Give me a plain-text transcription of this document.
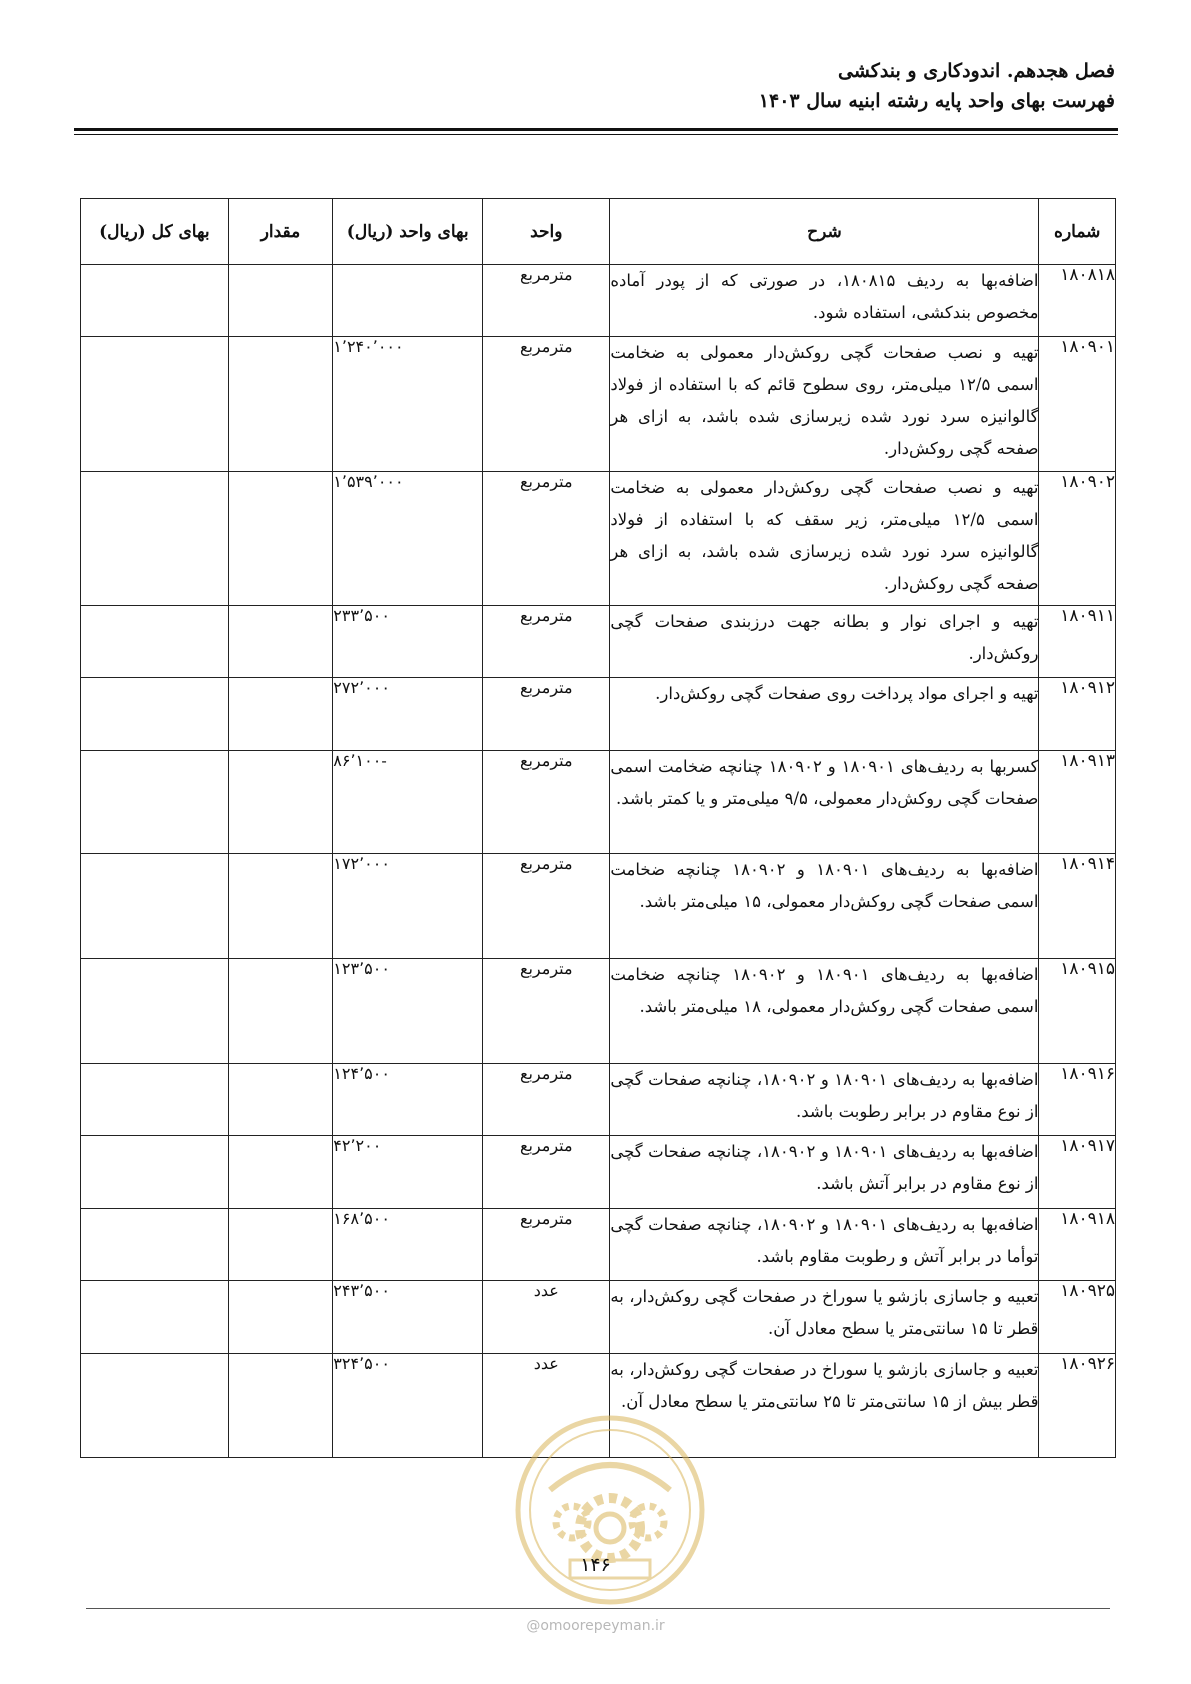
فصل هجدهم. اندودکاری و بندکشی
فهرست بهای واحد پایه رشته ابنیه سال ۱۴۰۳
شماره	شرح	واحد	بهای واحد (ریال)	مقدار	بهای کل (ریال)
۱۸۰۸۱۸	اضافه‌بها به ردیف ۱۸۰۸۱۵، در صورتی که از پودر آماده مخصوص بندکشی، استفاده شود.	مترمربع			
۱۸۰۹۰۱	تهیه و نصب صفحات گچی روکش‌دار معمولی به ضخامت اسمی ۱۲/۵ میلی‌متر، روی سطوح قائم که با استفاده از فولاد گالوانیزه سرد نورد شده زیرسازی شده باشد، به ازای هر صفحه گچی روکش‌دار.	مترمربع	۱٬۲۴۰٬۰۰۰		
۱۸۰۹۰۲	تهیه و نصب صفحات گچی روکش‌دار معمولی به ضخامت اسمی ۱۲/۵ میلی‌متر، زیر سقف که با استفاده از فولاد گالوانیزه سرد نورد شده زیرسازی شده باشد، به ازای هر صفحه گچی روکش‌دار.	مترمربع	۱٬۵۳۹٬۰۰۰		
۱۸۰۹۱۱	تهیه و اجرای نوار و بطانه جهت درزبندی صفحات گچی روکش‌دار.	مترمربع	۲۳۳٬۵۰۰		
۱۸۰۹۱۲	تهیه و اجرای مواد پرداخت روی صفحات گچی روکش‌دار.	مترمربع	۲۷۲٬۰۰۰		
۱۸۰۹۱۳	کسربها به ردیف‌های ۱۸۰۹۰۱ و ۱۸۰۹۰۲ چنانچه ضخامت اسمی صفحات گچی روکش‌دار معمولی، ۹/۵ میلی‌متر و یا کمتر باشد.	مترمربع	-۸۶٬۱۰۰		
۱۸۰۹۱۴	اضافه‌بها به ردیف‌های ۱۸۰۹۰۱ و ۱۸۰۹۰۲ چنانچه ضخامت اسمی صفحات گچی روکش‌دار معمولی، ۱۵ میلی‌متر باشد.	مترمربع	۱۷۲٬۰۰۰		
۱۸۰۹۱۵	اضافه‌بها به ردیف‌های ۱۸۰۹۰۱ و ۱۸۰۹۰۲ چنانچه ضخامت اسمی صفحات گچی روکش‌دار معمولی، ۱۸ میلی‌متر باشد.	مترمربع	۱۲۳٬۵۰۰		
۱۸۰۹۱۶	اضافه‌بها به ردیف‌های ۱۸۰۹۰۱ و ۱۸۰۹۰۲، چنانچه صفحات گچی از نوع مقاوم در برابر رطوبت باشد.	مترمربع	۱۲۴٬۵۰۰		
۱۸۰۹۱۷	اضافه‌بها به ردیف‌های ۱۸۰۹۰۱ و ۱۸۰۹۰۲، چنانچه صفحات گچی از نوع مقاوم در برابر آتش باشد.	مترمربع	۴۲٬۲۰۰		
۱۸۰۹۱۸	اضافه‌بها به ردیف‌های ۱۸۰۹۰۱ و ۱۸۰۹۰۲، چنانچه صفحات گچی توأما در برابر آتش و رطوبت مقاوم باشد.	مترمربع	۱۶۸٬۵۰۰		
۱۸۰۹۲۵	تعبیه و جاسازی بازشو یا سوراخ در صفحات گچی روکش‌دار، به قطر تا ۱۵ سانتی‌متر یا سطح معادل آن.	عدد	۲۴۳٬۵۰۰		
۱۸۰۹۲۶	تعبیه و جاسازی بازشو یا سوراخ در صفحات گچی روکش‌دار، به قطر بیش از ۱۵ سانتی‌متر تا ۲۵ سانتی‌متر یا سطح معادل آن.	عدد	۳۲۴٬۵۰۰		
۱۴۶
@omoorepeyman.ir
